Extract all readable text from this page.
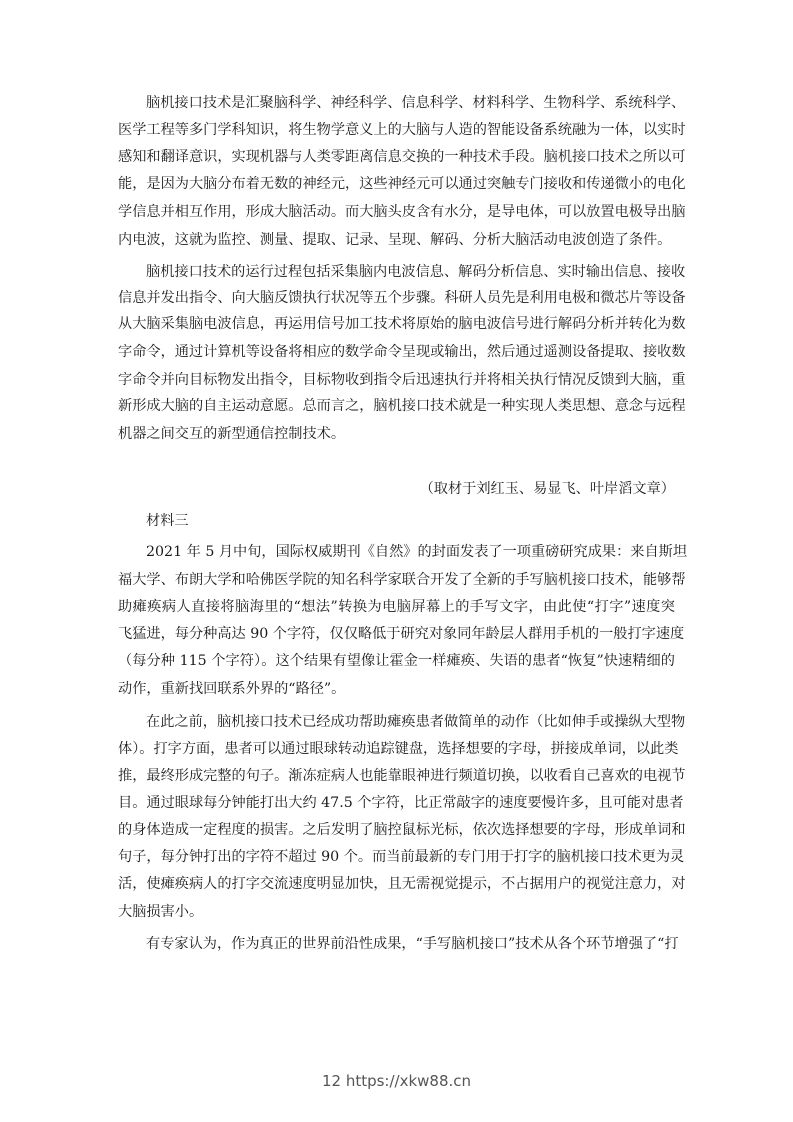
脑机接口技术是汇聚脑科学、神经科学、信息科学、材料科学、生物科学、系统科学、
医学工程等多门学科知识，将生物学意义上的大脑与人造的智能设备系统融为一体，以实时
感知和翻译意识，实现机器与人类零距离信息交换的一种技术手段。脑机接口技术之所以可
能，是因为大脑分布着无数的神经元，这些神经元可以通过突触专门接收和传递微小的电化
学信息并相互作用，形成大脑活动。而大脑头皮含有水分，是导电体，可以放置电极导出脑
内电波，这就为监控、测量、提取、记录、呈现、解码、分析大脑活动电波创造了条件。
脑机接口技术的运行过程包括采集脑内电波信息、解码分析信息、实时输出信息、接收
信息并发出指令、向大脑反馈执行状况等五个步骤。科研人员先是利用电极和微芯片等设备
从大脑采集脑电波信息，再运用信号加工技术将原始的脑电波信号进行解码分析并转化为数
字命令，通过计算机等设备将相应的数学命令呈现或输出，然后通过遥测设备提取、接收数
字命令并向目标物发出指令，目标物收到指令后迅速执行并将相关执行情况反馈到大脑，重
新形成大脑的自主运动意愿。总而言之，脑机接口技术就是一种实现人类思想、意念与远程
机器之间交互的新型通信控制技术。
（取材于刘红玉、易显飞、叶岸滔文章）
材料三
2021 年 5 月中旬，国际权威期刊《自然》的封面发表了一项重磅研究成果：来自斯坦
福大学、布朗大学和哈佛医学院的知名科学家联合开发了全新的手写脑机接口技术，能够帮
助瘫痪病人直接将脑海里的“想法”转换为电脑屏幕上的手写文字，由此使“打字”速度突
飞猛进，每分种高达 90 个字符，仅仅略低于研究对象同年龄层人群用手机的一般打字速度
（每分种 115 个字符）。这个结果有望像让霍金一样瘫痪、失语的患者“恢复”快速精细的
动作，重新找回联系外界的“路径”。
在此之前，脑机接口技术已经成功帮助瘫痪患者做简单的动作（比如伸手或操纵大型物
体）。打字方面，患者可以通过眼球转动追踪键盘，选择想要的字母，拼接成单词，以此类
推，最终形成完整的句子。渐冻症病人也能靠眼神进行频道切换，以收看自己喜欢的电视节
目。通过眼球每分钟能打出大约 47.5 个字符，比正常敲字的速度要慢许多，且可能对患者
的身体造成一定程度的损害。之后发明了脑控鼠标光标，依次选择想要的字母，形成单词和
句子，每分钟打出的字符不超过 90 个。而当前最新的专门用于打字的脑机接口技术更为灵
活，使瘫痪病人的打字交流速度明显加快，且无需视觉提示，不占据用户的视觉注意力，对
大脑损害小。
有专家认为，作为真正的世界前沿性成果，“手写脑机接口”技术从各个环节增强了“打
12 https://xkw88.cn
